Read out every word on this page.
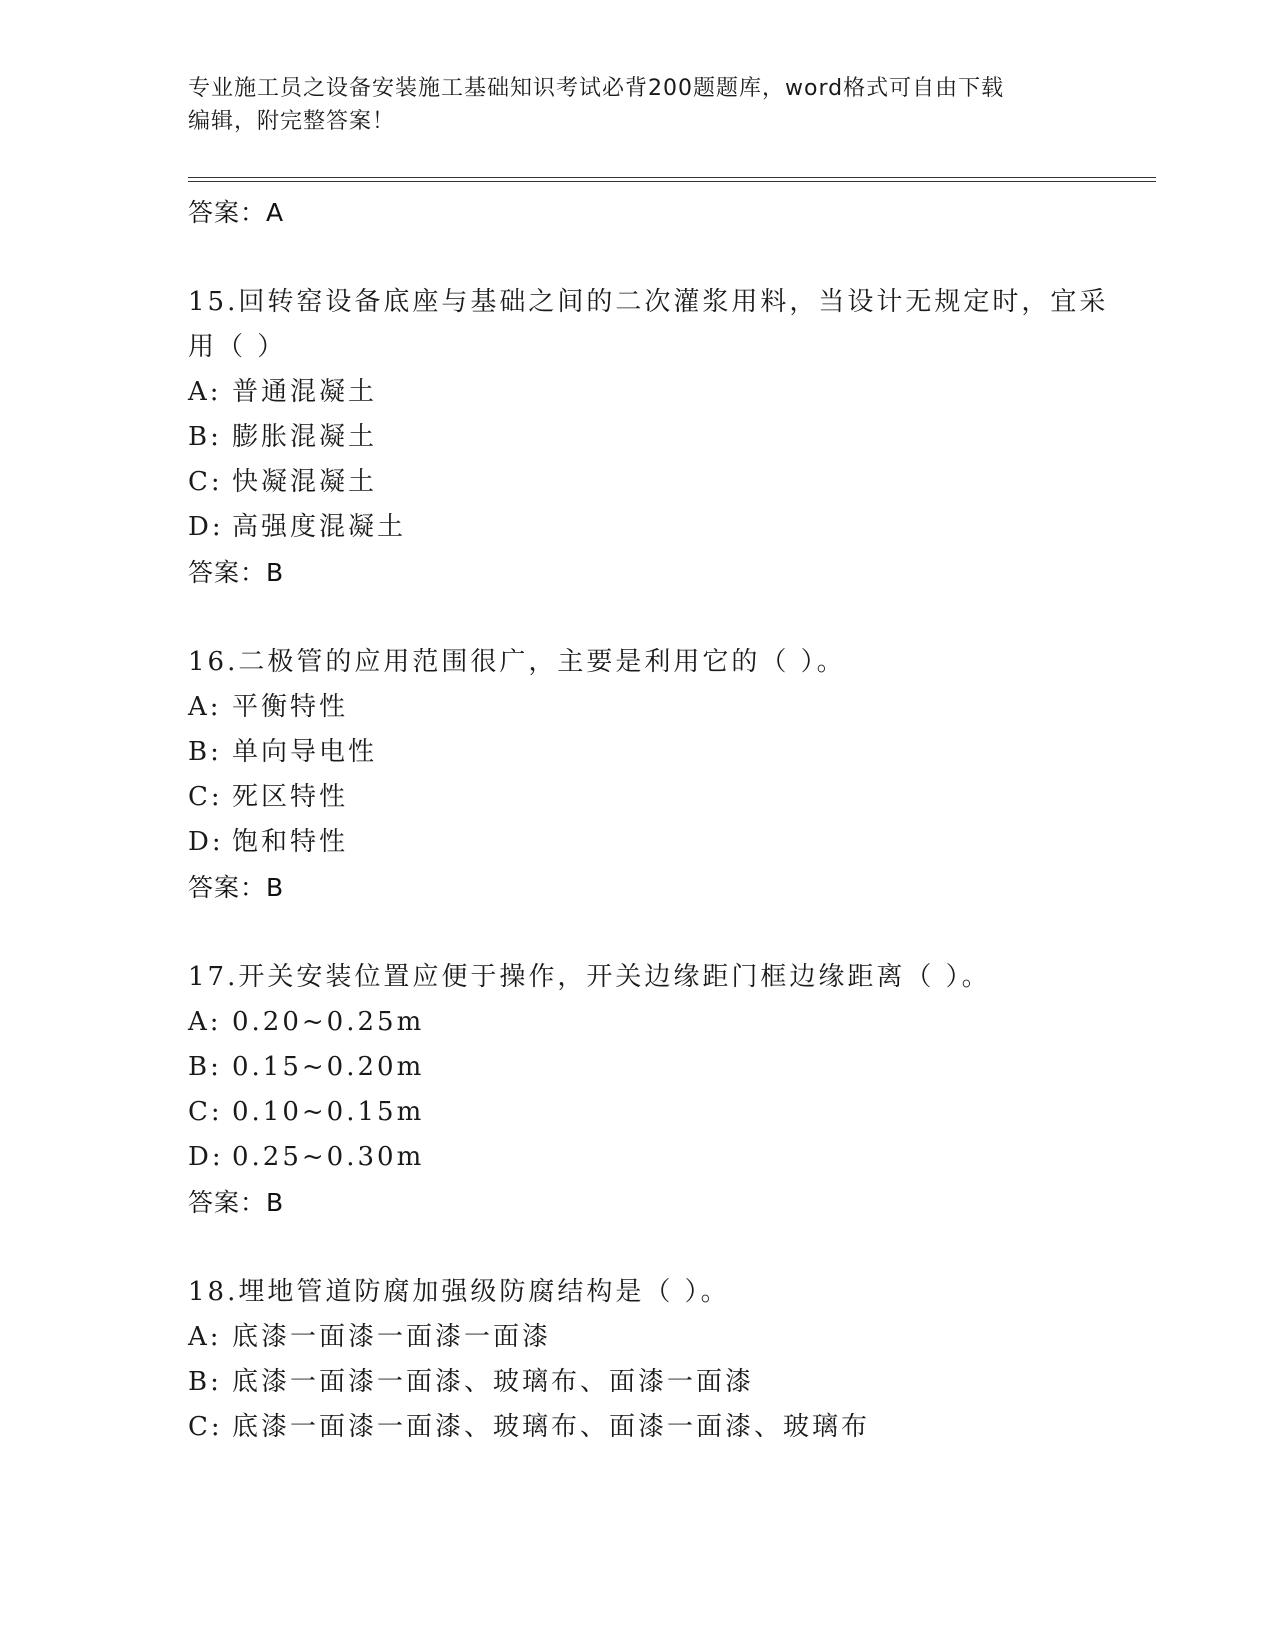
专业施工员之设备安装施工基础知识考试必背200题题库，word格式可自由下载
编辑，附完整答案！
答案：A
15.回转窑设备底座与基础之间的二次灌浆用料，当设计无规定时，宜采用（ ）
A: 普通混凝土
B: 膨胀混凝土
C: 快凝混凝土
D: 高强度混凝土
答案：B
16.二极管的应用范围很广，主要是利用它的（ ）。
A: 平衡特性
B: 单向导电性
C: 死区特性
D: 饱和特性
答案：B
17.开关安装位置应便于操作，开关边缘距门框边缘距离（ ）。
A: 0.20~0.25m
B: 0.15~0.20m
C: 0.10~0.15m
D: 0.25~0.30m
答案：B
18.埋地管道防腐加强级防腐结构是（ ）。
A: 底漆一面漆一面漆一面漆
B: 底漆一面漆一面漆、玻璃布、面漆一面漆
C: 底漆一面漆一面漆、玻璃布、面漆一面漆、玻璃布
